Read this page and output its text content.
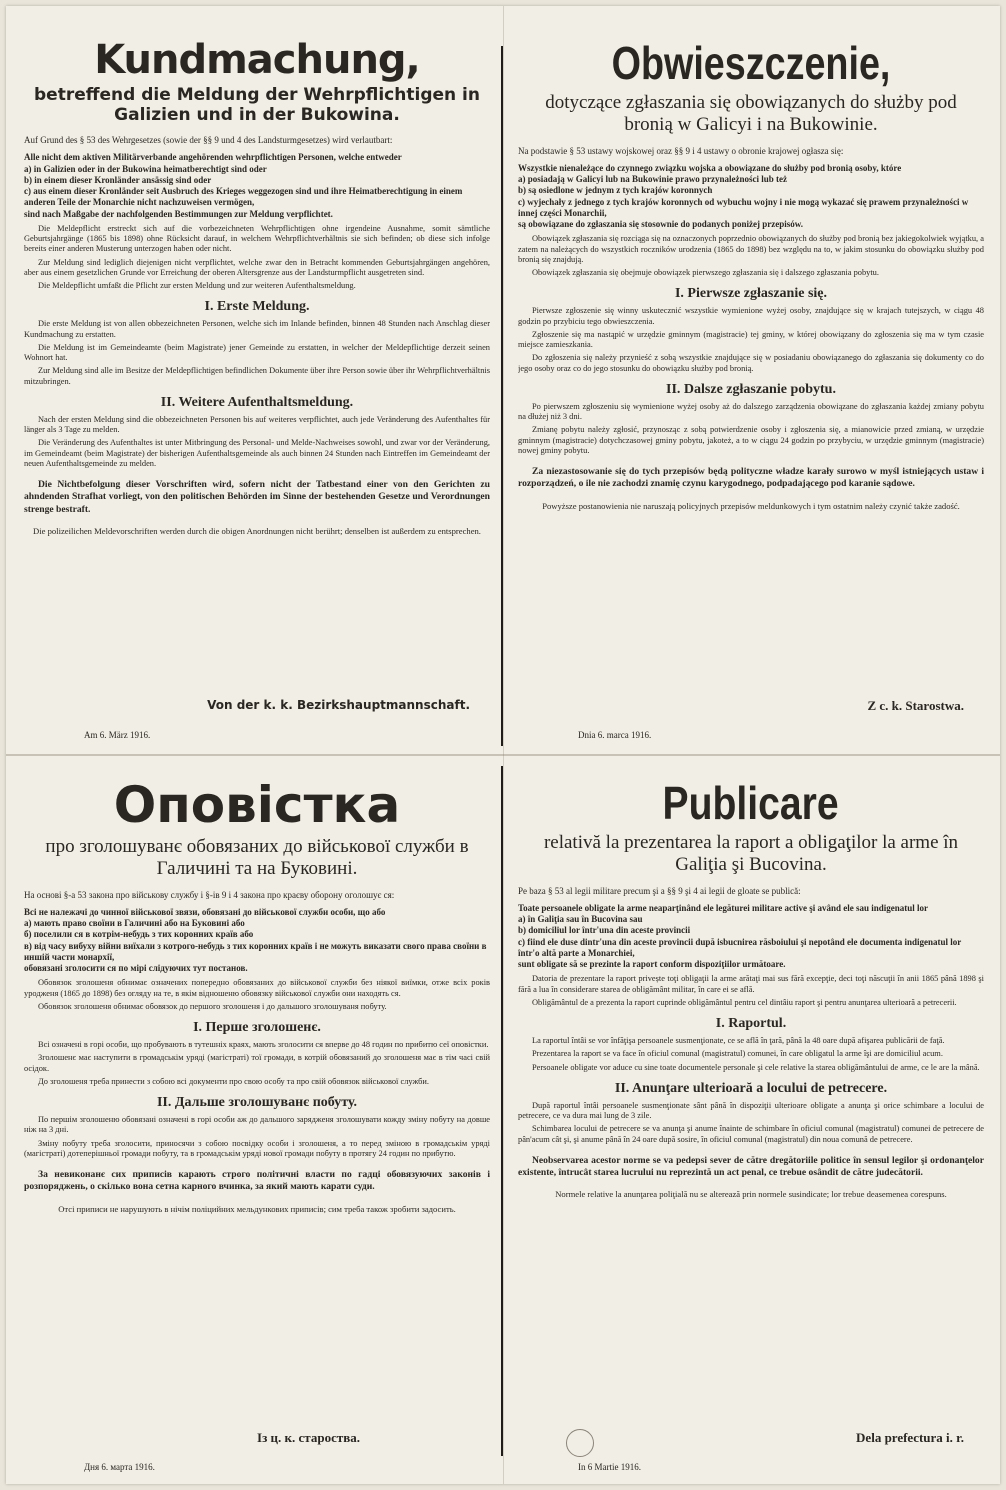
Kundmachung,
betreffend die Meldung der Wehrpflichtigen in Galizien und in der Bukowina.
Auf Grund des § 53 des Wehrgesetzes (sowie der §§ 9 und 4 des Landsturmgesetzes) wird verlautbart:
Alle nicht dem aktiven Militärverbande angehörenden wehrpflichtigen Personen, welche entweder
a) in Galizien oder in der Bukowina heimatberechtigt sind oder
b) in einem dieser Kronländer ansässig sind oder
c) aus einem dieser Kronländer seit Ausbruch des Krieges weggezogen sind und ihre Heimatberechtigung in einem anderen Teile der Monarchie nicht nachzuweisen vermögen,
sind nach Maßgabe der nachfolgenden Bestimmungen zur Meldung verpflichtet.

Die Meldepflicht erstreckt sich auf die vorbezeichneten Wehrpflichtigen ohne irgendeine Ausnahme, somit sämtliche Geburtsjahrgänge (1865 bis 1898) ohne Rücksicht darauf, in welchem Wehrpflichtverhältnis sie sich befinden; ob diese sich infolge bereits einer anderen Musterung unterzogen haben oder nicht.

Zur Meldung sind lediglich diejenigen nicht verpflichtet, welche zwar den in Betracht kommenden Geburtsjahrgängen angehören, aber aus einem gesetzlichen Grunde vor Erreichung der oberen Altersgrenze aus der Landsturmpflicht ausgetreten sind.

Die Meldepflicht umfaßt die Pflicht zur ersten Meldung und zur weiteren Aufenthaltsmeldung.

I. Erste Meldung.

Die erste Meldung ist von allen obbezeichneten Personen, welche sich im Inlande befinden, binnen 48 Stunden nach Anschlag dieser Kundmachung zu erstatten.

Die Meldung ist im Gemeindeamte (beim Magistrate) jener Gemeinde zu erstatten, in welcher der Meldepflichtige derzeit seinen Wohnort hat.

Zur Meldung sind alle im Besitze der Meldepflichtigen befindlichen Dokumente über ihre Person sowie über ihr Wehrpflichtverhältnis mitzubringen.

II. Weitere Aufenthaltsmeldung.

Nach der ersten Meldung sind die obbezeichneten Personen bis auf weiteres verpflichtet, auch jede Veränderung des Aufenthaltes für länger als 3 Tage zu melden.

Die Veränderung des Aufenthaltes ist unter Mitbringung des Personal- und Melde-Nachweises sowohl, und zwar vor der Veränderung, im Gemeindeamt (beim Magistrate) der bisherigen Aufenthaltsgemeinde als auch binnen 24 Stunden nach Eintreffen im Gemeindeamt der neuen Aufenthaltsgemeinde zu melden.

Die Nichtbefolgung dieser Vorschriften wird, sofern nicht der Tatbestand einer von den Gerichten zu ahndenden Strafhat vorliegt, von den politischen Behörden im Sinne der bestehenden Gesetze und Verordnungen strenge bestraft.

Die polizeilichen Meldevorschriften werden durch die obigen Anordnungen nicht berührt; denselben ist außerdem zu entsprechen.
Von der k. k. Bezirkshauptmannschaft.
Am 6. März 1916.
Obwieszczenie,
dotyczące zgłaszania się obowiązanych do służby pod bronią w Galicyi i na Bukowinie.
Na podstawie § 53 ustawy wojskowej oraz §§ 9 i 4 ustawy o obronie krajowej ogłasza się:
Wszystkie nienależące do czynnego związku wojska a obowiązane do służby pod bronią osoby, które
a) posiadają w Galicyi lub na Bukowinie prawo przynależności lub też
b) są osiedlone w jednym z tych krajów koronnych
c) wyjechały z jednego z tych krajów koronnych od wybuchu wojny i nie mogą wykazać się prawem przynależności w innej części Monarchii,
są obowiązane do zgłaszania się stosownie do podanych poniżej przepisów.

Obowiązek zgłaszania się rozciąga się na oznaczonych poprzednio obowiązanych do służby pod bronią bez jakiegokolwiek wyjątku, a zatem na należących do wszystkich roczników urodzenia (1865 do 1898) bez względu na to, w jakim stosunku do obowiązku służby pod bronią się znajdują.

Obowiązek zgłaszania się obejmuje obowiązek pierwszego zgłaszania się i dalszego zgłaszania pobytu.

I. Pierwsze zgłaszanie się.

Pierwsze zgłoszenie się winny uskutecznić wszystkie wymienione wyżej osoby, znajdujące się w krajach tutejszych, w ciągu 48 godzin po przybiciu tego obwieszczenia.

Zgłoszenie się ma nastąpić w urzędzie gminnym (magistracie) tej gminy, w której obowiązany do zgłoszenia się ma w tym czasie miejsce zamieszkania.

Do zgłoszenia się należy przynieść z sobą wszystkie znajdujące się w posiadaniu obowiązanego do zgłaszania się dokumenty co do jego osoby oraz co do jego stosunku do obowiązku służby pod bronią.

II. Dalsze zgłaszanie pobytu.

Po pierwszem zgłoszeniu się wymienione wyżej osoby aż do dalszego zarządzenia obowiązane do zgłaszania każdej zmiany pobytu na dłużej niż 3 dni.

Zmianę pobytu należy zgłosić, przynosząc z sobą potwierdzenie osoby i zgłoszenia się, a mianowicie przed zmianą, w urzędzie gminnym (magistracie) dotychczasowej gminy pobytu, jakoteż, a to w ciągu 24 godzin po przybyciu, w urzędzie gminnym (magistracie) nowej gminy pobytu.

Za niezastosowanie się do tych przepisów będą polityczne władze karały surowo w myśl istniejących ustaw i rozporządzeń, o ile nie zachodzi znamię czynu karygodnego, podpadającego pod karanie sądowe.

Powyższe postanowienia nie naruszają policyjnych przepisów meldunkowych i tym ostatnim należy czynić także zadość.
Z c. k. Starostwa.
Dnia 6. marca 1916.
Оповістка
про зголошуванє обовязаних до військової служби в Галичині та на Буковині.
На основі §-а 53 закона про військову службу і §-ів 9 і 4 закона про краєву оборону оголошує ся:
Всі не належачі до чинної військової звязи, обовязані до військової служби особи, що або
а) мають право своїни в Галичині або на Буковині або
б) поселили ся в котрім-небудь з тих коронних країв або
в) від часу вибуху війни виїхали з котрого-небудь з тих коронних країв і не можуть виказати свого права своїни в иншій части монархії,
обовязані зголосити ся по мірі слідуючих тут постанов.

Обовязок зголошеня обнимає означених попередно обовязаних до військової служби без ніякої виїмки, отже всіх років уродженя (1865 до 1898) без огляду на те, в якім відношеню обовязку військової служби они находять ся.

Обовязок зголошеня обнимає обовязок до першого зголошеня і до дальшого зголошуваня побуту.

I. Перше зголошенє.

Всі означені в горі особи, що пробувають в тутешніх краях, мають зголосити ся вперве до 48 годин по прибитю сеї оповістки.

Зголошенє має наступити в громадськім уряді (магістраті) тої громади, в котрій обовязаний до зголошеня має в тім часі свій осідок.

До зголошеня треба принести з собою всі документи про свою особу та про свій обовязок військової служби.

II. Дальше зголошуванє побуту.

По першім зголошеню обовязані означені в горі особи аж до дальшого зарядженя зголошувати кожду зміну побуту на довше ніж на 3 дні.

Зміну побуту треба зголосити, приносячи з собою посвідку особи і зголошеня, а то перед зміною в громадськім уряді (магістраті) дотеперішньої громади побуту, та в громадськім уряді нової громади побуту в протягу 24 годин по прибутю.

За невиконанє сих приписів карають строго політичні власти по гадці обовязуючих законів і розпоряджень, о скілько вона сетна карного вчинка, за який мають карати суди.

Отсі приписи не нарушують в нічім поліцийних мельдункових приписів; сим треба також зробити задосить.
Із ц. к. староства.
Дня 6. марта 1916.
Publicare
relativă la prezentarea la raport a obligaţilor la arme în Galiţia şi Bucovina.
Pe baza § 53 al legii militare precum şi a §§ 9 şi 4 ai legii de gloate se publică:
Toate persoanele obligate la arme neaparţinând ele legăturei militare active şi având ele sau indigenatul lor
a) în Galiţia sau în Bucovina sau
b) domiciliul lor într'una din aceste provincii
c) fiind ele duse dintr'una din aceste provincii după isbucnirea răsboiului şi nepotând ele documenta indigenatul lor într'o altă parte a Monarchiei,
sunt obligate să se prezinte la raport conform dispoziţiilor următoare.

Datoria de prezentare la raport privește toţi obligaţii la arme arătaţi mai sus fără excepţie, deci toţi născuţii în anii 1865 până 1898 şi fără a lua în considerare starea de obligământ militar, în care ei se află.

Obligământul de a prezenta la raport cuprinde obligământul pentru cel dintâiu raport şi pentru anunţarea ulterioară a petrecerii.

I. Raportul.

La raportul întâi se vor înfăţişa persoanele susmenţionate, ce se află în ţară, până la 48 oare după afişarea publicării de faţă.

Prezentarea la raport se va face în oficiul comunal (magistratul) comunei, în care obligatul la arme îşi are domiciliul acum.

Persoanele obligate vor aduce cu sine toate documentele personale şi cele relative la starea obligământului de arme, ce le are la mână.

II. Anunţare ulterioară a locului de petrecere.

După raportul întâi persoanele susmenţionate sânt până în dispoziţii ulterioare obligate a anunţa şi orice schimbare a locului de petrecere, ce va dura mai lung de 3 zile.

Schimbarea locului de petrecere se va anunţa şi anume înainte de schimbare în oficiul comunal (magistratul) comunei de petrecere de pân'acum cât şi, şi anume până în 24 oare după sosire, în oficiul comunal (magistratul) din noua comună de petrecere.

Neobservarea acestor norme se va pedepsi sever de către dregătoriile politice în sensul legilor şi ordonanţelor existente, întrucât starea lucrului nu reprezintă un act penal, ce trebue osândit de către judecătorii.

Normele relative la anunţarea poliţială nu se alterează prin normele susindicate; lor trebue deasemenea corespuns.
Dela prefectura i. r.
In 6 Martie 1916.
